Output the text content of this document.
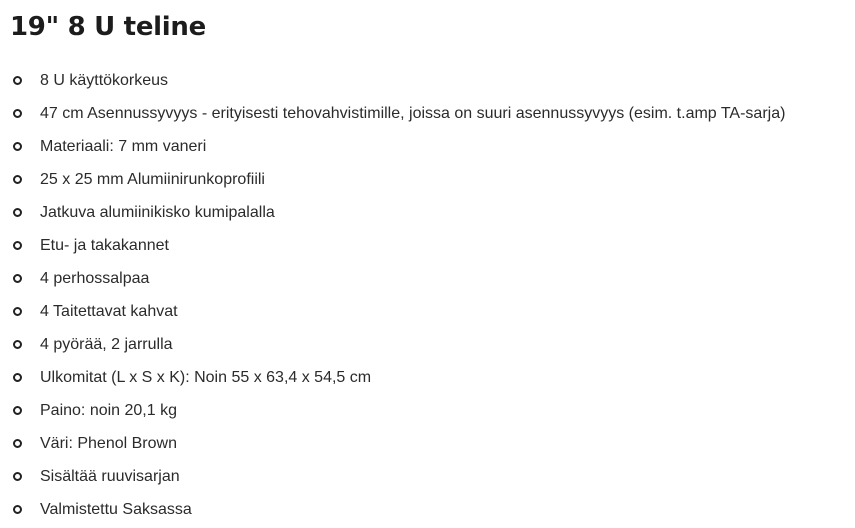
19" 8 U teline
8 U käyttökorkeus
47 cm Asennussyvyys - erityisesti tehovahvistimille, joissa on suuri asennussyvyys (esim. t.amp TA-sarja)
Materiaali: 7 mm vaneri
25 x 25 mm Alumiinirunkoprofiili
Jatkuva alumiinikisko kumipalalla
Etu- ja takakannet
4 perhossalpaa
4 Taitettavat kahvat
4 pyörää, 2 jarrulla
Ulkomitat (L x S x K): Noin 55 x 63,4 x 54,5 cm
Paino: noin 20,1 kg
Väri: Phenol Brown
Sisältää ruuvisarjan
Valmistettu Saksassa
